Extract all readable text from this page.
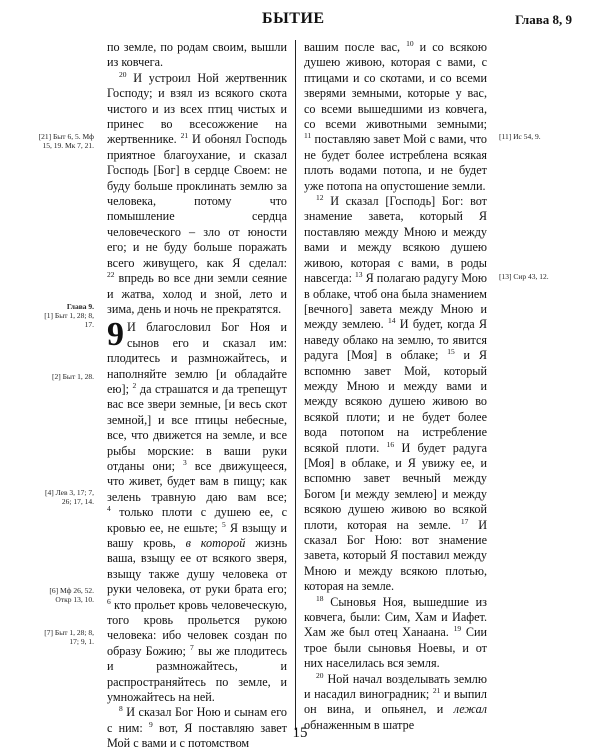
БЫТИЕ	Глава 8, 9
[21] Быт 6, 5. Мф 15, 19. Мк 7, 21.
Глава 9.
[1] Быт 1, 28; 8, 17.
[2] Быт 1, 28.
[4] Лев 3, 17; 7, 26; 17, 14.
[6] Мф 26, 52. Откр 13, 10.
[7] Быт 1, 28; 8, 17; 9, 1.
[11] Ис 54, 9.
[13] Сир 43, 12.

по земле, по родам своим, вышли из ковчега.

$^{20}$ И устроил Ной жертвенник Господу; и взял из всякого скота чистого и из всех птиц чистых и принес во всесожжение на жертвеннике. $^{21}$ И обонял Господь приятное благоухание, и сказал Господь [Бог] в сердце Своем: не буду больше проклинать землю за человека, потому что помышление сердца человеческого – зло от юности его; и не буду больше поражать всего живущего, как Я сделал: $^{22}$ впредь во все дни земли сеяние и жатва, холод и зной, лето и зима, день и ночь не прекратятся.

9 И благословил Бог Ноя и сынов его и сказал им: плодитесь и размножайтесь, и наполняйте землю [и обладайте ею]; $^2$ да страшатся и да трепещут вас все звери земные, [и весь скот земной,] и все птицы небесные, все, что движется на земле, и все рыбы морские: в ваши руки отданы они; $^3$ все движущееся, что живет, будет вам в пищу; как зелень травную даю вам все; $^4$ только плоти с душею ее, с кровью ее, не ешьте; $^5$ Я взыщу и вашу кровь, в которой жизнь ваша, взыщу ее от всякого зверя, взыщу также душу человека от руки человека, от руки брата его; $^6$ кто прольет кровь человеческую, того кровь прольется рукою человека: ибо человек создан по образу Божию; $^7$ вы же плодитесь и размножайтесь, и распространяйтесь по земле, и умножайтесь на ней.

$^8$ И сказал Бог Ною и сынам его с ним: $^9$ вот, Я поставляю завет Мой с вами и с потомством

вашим после вас, $^{10}$ и со всякою душею живою, которая с вами, с птицами и со скотами, и со всеми зверями земными, которые у вас, со всеми вышедшими из ковчега, со всеми животными земными; $^{11}$ поставляю завет Мой с вами, что не будет более истреблена всякая плоть водами потопа, и не будет уже потопа на опустошение земли.

$^{12}$ И сказал [Господь] Бог: вот знамение завета, который Я поставляю между Мною и между вами и между всякою душею живою, которая с вами, в роды навсегда: $^{13}$ Я полагаю радугу Мою в облаке, чтоб она была знамением [вечного] завета между Мною и между землею. $^{14}$ И будет, когда Я наведу облако на землю, то явится радуга [Моя] в облаке; $^{15}$ и Я вспомню завет Мой, который между Мною и между вами и между всякою душею живою во всякой плоти; и не будет более вода потопом на истребление всякой плоти. $^{16}$ И будет радуга [Моя] в облаке, и Я увижу ее, и вспомню завет вечный между Богом [и между землею] и между всякою душею живою во всякой плоти, которая на земле. $^{17}$ И сказал Бог Ною: вот знамение завета, который Я поставил между Мною и между всякою плотью, которая на земле.

$^{18}$ Сыновья Ноя, вышедшие из ковчега, были: Сим, Хам и Иафет. Хам же был отец Ханаана. $^{19}$ Сии трое были сыновья Ноевы, и от них населилась вся земля.

$^{20}$ Ной начал возделывать землю и насадил виноградник; $^{21}$ и выпил он вина, и опьянел, и лежал обнаженным в шатре

15
